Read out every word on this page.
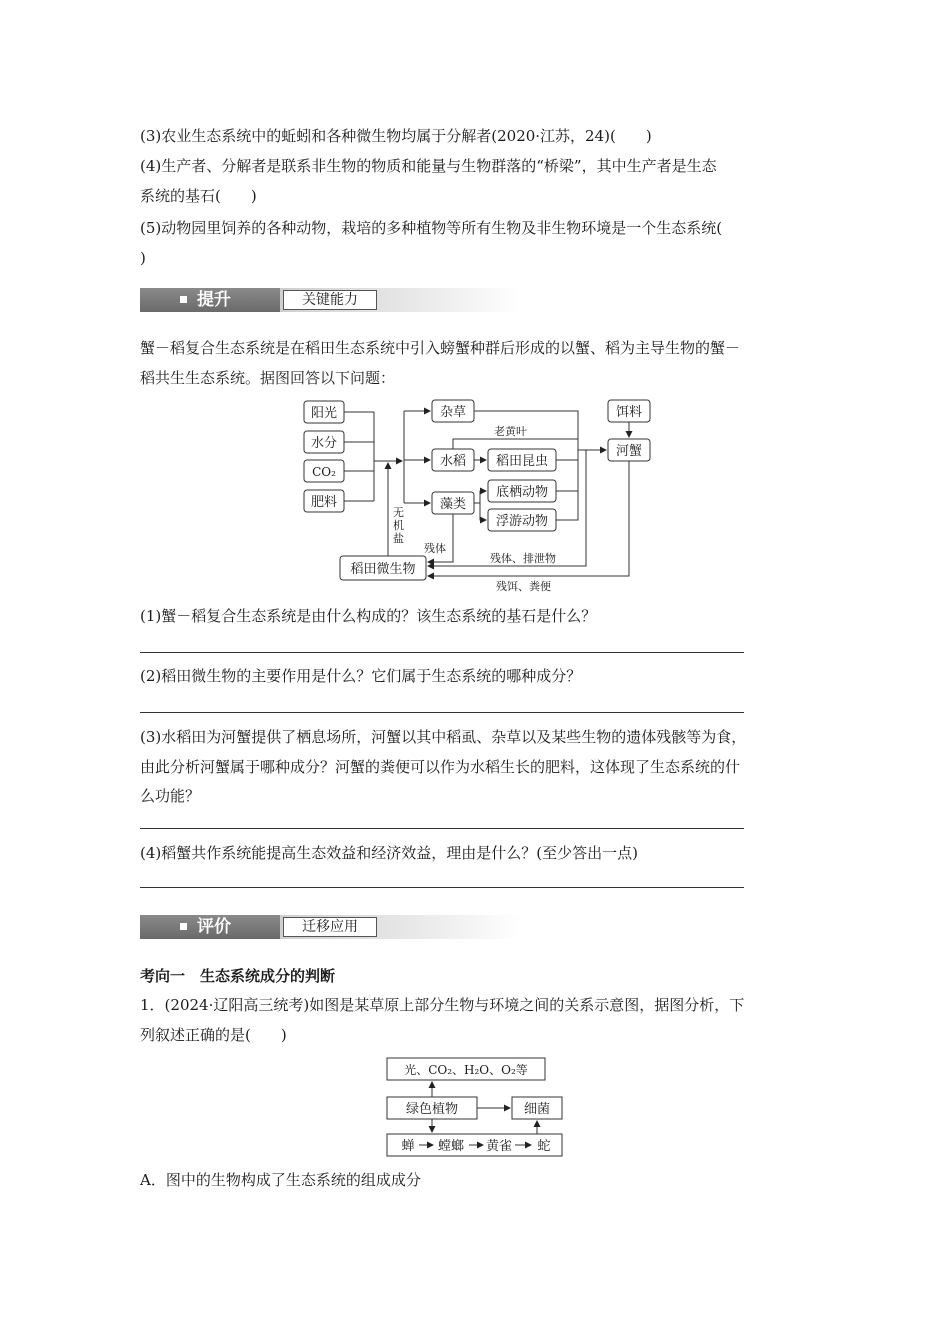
(3)农业生态系统中的蚯蚓和各种微生物均属于分解者(2020·江苏，24)(　　)
(4)生产者、分解者是联系非生物的物质和能量与生物群落的“桥梁”，其中生产者是生态
系统的基石(　　)
(5)动物园里饲养的各种动物，栽培的多种植物等所有生物及非生物环境是一个生态系统(
)
提升	关键能力
蟹－稻复合生态系统是在稻田生态系统中引入螃蟹种群后形成的以蟹、稻为主导生物的蟹－
稻共生生态系统。据图回答以下问题：
阳光
水分
CO₂
肥料
杂草
水稻
藻类
稻田昆虫
底栖动物
浮游动物
饵料
河蟹
稻田微生物
老黄叶
无
机
盐
残体
残体、排泄物
残饵、粪便
(1)蟹－稻复合生态系统是由什么构成的？该生态系统的基石是什么？
(2)稻田微生物的主要作用是什么？它们属于生态系统的哪种成分？
(3)水稻田为河蟹提供了栖息场所，河蟹以其中稻虱、杂草以及某些生物的遗体残骸等为食，
由此分析河蟹属于哪种成分？河蟹的粪便可以作为水稻生长的肥料，这体现了生态系统的什
么功能？
(4)稻蟹共作系统能提高生态效益和经济效益，理由是什么？(至少答出一点)
评价	迁移应用
考向一　生态系统成分的判断
1．(2024·辽阳高三统考)如图是某草原上部分生物与环境之间的关系示意图，据图分析，下
列叙述正确的是(　　)
光、CO₂、H₂O、O₂等
绿色植物	细菌
蝉 螳螂 黄雀 蛇
A．图中的生物构成了生态系统的组成成分
